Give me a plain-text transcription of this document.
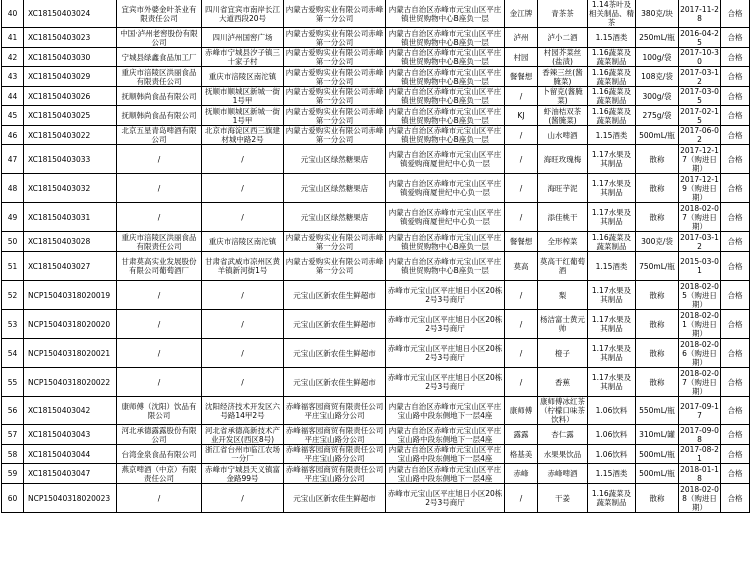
40	XC18150403024	宜宾市外婆金叶茶业有限责任公司	四川省宜宾市南岸长江大道西段20号	内蒙古爱购实业有限公司赤峰第一分公司	内蒙古自治区赤峰市元宝山区平庄镇世贸购物中心B座负一层	金江牌	青茶茶	1.14茶叶及相关制品、精茶	380克/块	2017-11-28	合格
41	XC18150403023	中国·泸州老窖股份有限公司	四川泸州国窖广场	内蒙古爱购实业有限公司赤峰第一分公司	内蒙古自治区赤峰市元宝山区平庄镇世贸购物中心B座负一层	泸州	泸小二酒	1.15酒类	250mL/瓶	2016-04-25	合格
42	XC18150403030	宁城县绿鑫食品加工厂	赤峰市宁城县汐子镇三十家子村	内蒙古爱购实业有限公司赤峰第一分公司	内蒙古自治区赤峰市元宝山区平庄镇世贸购物中心B座负一层	村园	村园芥菜丝(盐渍)	1.16蔬菜及蔬菜制品	100g/袋	2017-10-30	合格
43	XC18150403029	重庆市涪陵区洪丽食品有限责任公司	重庆市涪陵区南沱镇	内蒙古爱购实业有限公司赤峰第一分公司	内蒙古自治区赤峰市元宝山区平庄镇世贸购物中心B座负一层	餐餐想	香辣三丝(酱腌菜)	1.16蔬菜及蔬菜制品	108克/袋	2017-03-12	合格
44	XC18150403026	抚顺韩尚食品有限公司	抚顺市顺城区新城一街1号甲	内蒙古爱购实业有限公司赤峰第一分公司	内蒙古自治区赤峰市元宝山区平庄镇世贸购物中心B座负一层	/	卜留克(酱腌菜)	1.16蔬菜及蔬菜制品	300g/袋	2017-03-05	合格
45	XC18150403025	抚顺韩尚食品有限公司	抚顺市顺城区新城一街1号甲	内蒙古爱购实业有限公司赤峰第一分公司	内蒙古自治区赤峰市元宝山区平庄镇世贸购物中心B座负一层	KJ	虾油桔双茶(酱腌菜)	1.16蔬菜及蔬菜制品	275g/袋	2017-02-15	合格
46	XC18150403022	北京五星青岛啤酒有限公司	北京市海淀区西三旗建材城中路2号	内蒙古爱购实业有限公司赤峰第一分公司	内蒙古自治区赤峰市元宝山区平庄镇世贸购物中心B座负一层	/	山水啤酒	1.15酒类	500mL/瓶	2017-06-02	合格
47	XC18150403033	/	/	元宝山区绿然糖果店	内蒙古自治区赤峰市元宝山区平庄镇爱购商厦世纪中心负一层	/	海旺玫瑰梅	1.17水果及其制品	散称	2017-12-17（购进日期）	合格
48	XC18150403032	/	/	元宝山区绿然糖果店	内蒙古自治区赤峰市元宝山区平庄镇爱购商厦世纪中心负一层	/	海旺芋泥	1.17水果及其制品	散称	2017-12-19（购进日期）	合格
49	XC18150403031	/	/	元宝山区绿然糖果店	内蒙古自治区赤峰市元宝山区平庄镇爱购商厦世纪中心负一层	/	添佳桃干	1.17水果及其制品	散称	2018-02-07（购进日期）	合格
50	XC18150403028	重庆市涪陵区洪丽食品有限责任公司	重庆市涪陵区南沱镇	内蒙古爱购实业有限公司赤峰第一分公司	内蒙古自治区赤峰市元宝山区平庄镇世贸购物中心B座负一层	餐餐想	全形榨菜	1.16蔬菜及蔬菜制品	300克/袋	2017-03-12	合格
51	XC18150403027	甘肃莫高实业发展股份有限公司葡萄酒厂	甘肃省武威市凉州区黄羊镇新河街1号	内蒙古爱购实业有限公司赤峰第一分公司	内蒙古自治区赤峰市元宝山区平庄镇世贸购物中心B座负一层	莫高	莫高干红葡萄酒	1.15酒类	750mL/瓶	2015-03-01	合格
52	NCP15040318020019	/	/	元宝山区新农佳生鲜超市	赤峰市元宝山区平庄旭日小区20栋2号3号商厅	/	梨	1.17水果及其制品	散称	2018-02-05（购进日期）	合格
53	NCP15040318020020	/	/	元宝山区新农佳生鲜超市	赤峰市元宝山区平庄旭日小区20栋2号3号商厅	/	杨洁富士黄元帅	1.17水果及其制品	散称	2018-02-01（购进日期）	合格
54	NCP15040318020021	/	/	元宝山区新农佳生鲜超市	赤峰市元宝山区平庄旭日小区20栋2号3号商厅	/	橙子	1.17水果及其制品	散称	2018-02-06（购进日期）	合格
55	NCP15040318020022	/	/	元宝山区新农佳生鲜超市	赤峰市元宝山区平庄旭日小区20栋2号3号商厅	/	香蕉	1.17水果及其制品	散称	2018-02-07（购进日期）	合格
56	XC18150403042	康师傅（沈阳）饮品有限公司	沈阳经济技术开发区六号路14甲2号	赤峰福客园商贸有限责任公司平庄宝山路分公司	内蒙古自治区赤峰市元宝山区平庄宝山路中段东侧地下一层4座	康师傅	康师傅冰红茶（柠檬口味茶饮料）	1.06饮料	550mL/瓶	2017-09-17	合格
57	XC18150403043	河北承德露露股份有限公司	河北省承德高新技术产业开发区(西区8号)	赤峰福客园商贸有限责任公司平庄宝山路分公司	内蒙古自治区赤峰市元宝山区平庄宝山路中段东侧地下一层4座	露露	杏仁露	1.06饮料	310mL/罐	2017-09-08	合格
58	XC18150403044	台湾金泉食品有限公司	浙江省台州市临江农场一分厂	赤峰福客园商贸有限责任公司平庄宝山路分公司	内蒙古自治区赤峰市元宝山区平庄宝山路中段东侧地下一层4座	格基美	水果果饮品	1.06饮料	500mL/瓶	2017-08-21	合格
59	XC18150403047	燕京啤酒（中京）有限责任公司	赤峰市宁城县天义镇富金路99号	赤峰福客园商贸有限责任公司平庄宝山路分公司	内蒙古自治区赤峰市元宝山区平庄宝山路中段东侧地下一层4座	赤峰	赤峰啤酒	1.15酒类	500mL/瓶	2018-01-18	合格
60	NCP15040318020023	/	/	元宝山区新农佳生鲜超市	赤峰市元宝山区平庄旭日小区20栋2号3号商厅	/	干姜	1.16蔬菜及蔬菜制品	散称	2018-02-08（购进日期）	合格
